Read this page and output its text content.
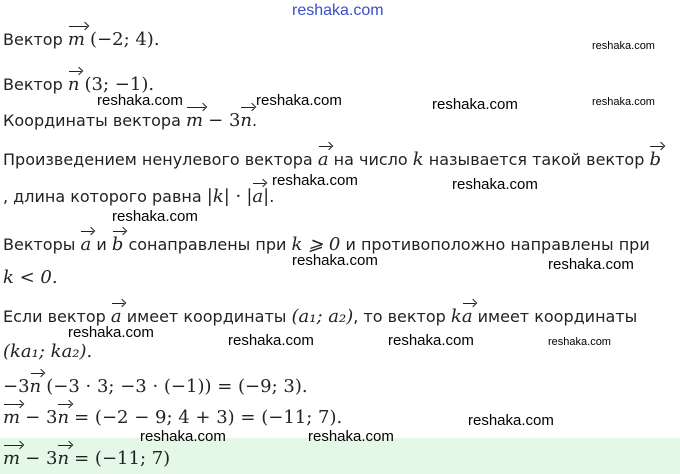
reshaka.com
reshaka.com
reshaka.com	reshaka.com	reshaka.com	reshaka.com
reshaka.com	reshaka.com
reshaka.com
reshaka.com	reshaka.com
reshaka.com	reshaka.com	reshaka.com	reshaka.com
reshaka.com
reshaka.com	reshaka.com
Вектор m (−2; 4).
Вектор n (3; −1).
Координаты вектора m − 3n.
Произведением ненулевого вектора a на число k называется такой вектор b
, длина которого равна |k| · |a|.
Векторы a и b сонаправлены при k ⩾ 0 и противоположно направлены при
k < 0.
Если вектор a имеет координаты (a₁; a₂), то вектор ka имеет координаты
(ka₁; ka₂).
−3n (−3 · 3; −3 · (−1)) = (−9; 3).
m − 3n = (−2 − 9; 4 + 3) = (−11; 7).
m − 3n = (−11; 7)
